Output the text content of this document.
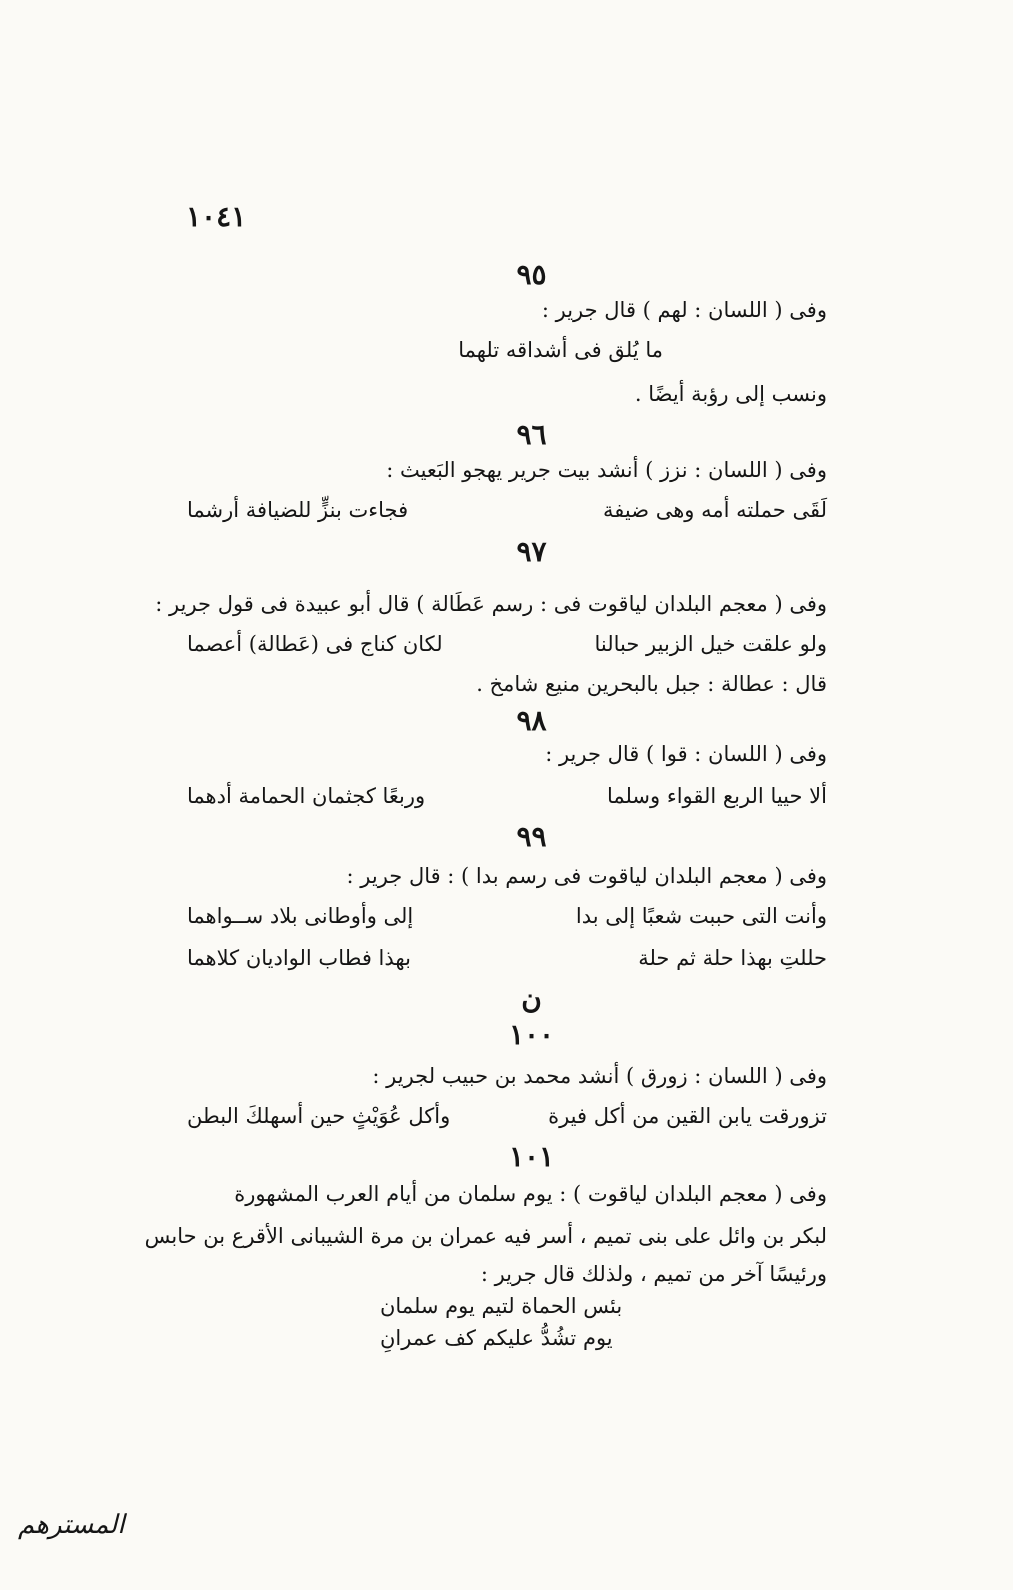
١٠٤١
٩٥
وفى ( اللسان : لهم ) قال جرير :
ما يُلق فى أشداقه تلهما
ونسب إلى رؤبة أيضًا .
٩٦
وفى ( اللسان : نزز ) أنشد بيت جرير يهجو البَعيث :
لَقَى حملته أمه وهى ضيفة
فجاءت بنزٍّ للضيافة أرشما
٩٧
وفى ( معجم البلدان لياقوت فى : رسم عَطَالة ) قال أبو عبيدة فى قول جرير :
ولو علقت خيل الزبير حبالنا
لكان كناج فى (عَطالة) أعصما
قال : عطالة : جبل بالبحرين منيع شامخ .
٩٨
وفى ( اللسان : قوا ) قال جرير :
ألا حييا الربع القواء وسلما
وربعًا كجثمان الحمامة أدهما
٩٩
وفى ( معجم البلدان لياقوت فى رسم بدا ) : قال جرير :
وأنت التى حببت شعبًا إلى بدا
إلى وأوطانى بلاد ســواهما
حللتِ بهذا حلة ثم حلة
بهذا فطاب الواديان كلاهما
ن
١٠٠
وفى ( اللسان : زورق ) أنشد محمد بن حبيب لجرير :
تزورقت يابن القين من أكل فيرة
وأكل عُوَيْثٍ حين أسهلكَ البطن
١٠١
وفى ( معجم البلدان لياقوت ) : يوم سلمان من أيام العرب المشهورة
لبكر بن وائل على بنى تميم ، أسر فيه عمران بن مرة الشيبانى الأقرع بن حابس
ورئيسًا آخر من تميم ، ولذلك قال جرير :
بئس الحماة لتيم يوم سلمان
يوم تشُدُّ عليكم كف عمرانِ
المسترهم
